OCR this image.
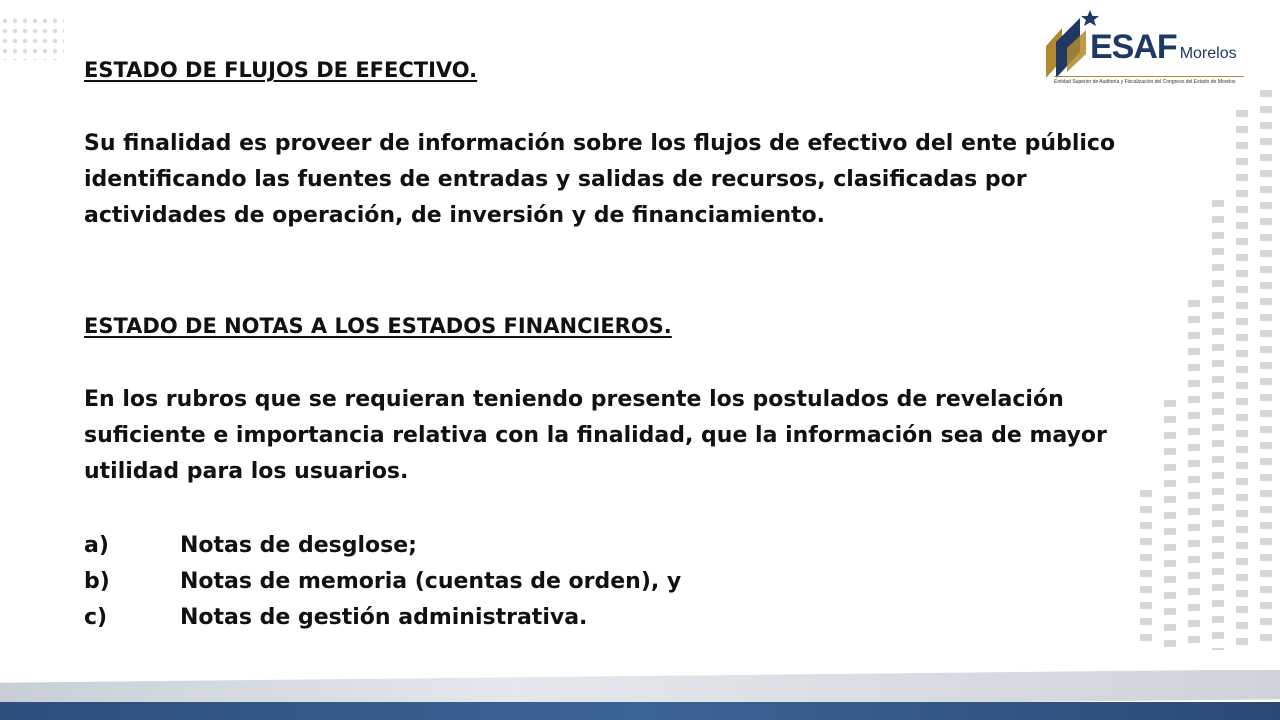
ESAF Morelos
Entidad Superior de Auditoría y Fiscalización del Congreso del Estado de Morelos
ESTADO DE FLUJOS DE EFECTIVO.

Su finalidad es proveer de información sobre los flujos de efectivo del ente público identificando las fuentes de entradas y salidas de recursos, clasificadas por actividades de operación, de inversión y de financiamiento.

ESTADO DE NOTAS A LOS ESTADOS FINANCIEROS.

En los rubros que se requieran teniendo presente los postulados de revelación suficiente e importancia relativa con la finalidad, que la información sea de mayor utilidad para los usuarios.

a)	Notas de desglose;
b)	Notas de memoria (cuentas de orden), y
c)	Notas de gestión administrativa.
